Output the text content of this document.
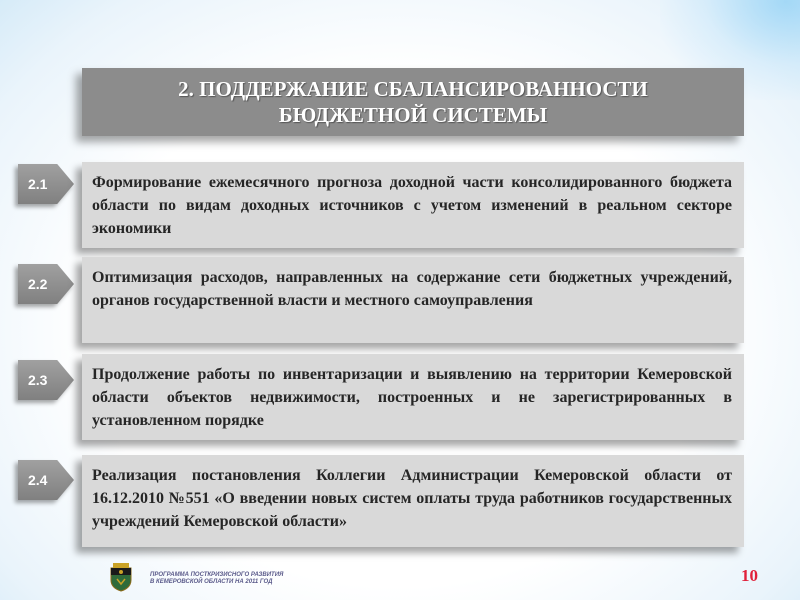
2. ПОДДЕРЖАНИЕ СБАЛАНСИРОВАННОСТИ БЮДЖЕТНОЙ СИСТЕМЫ
2.1	Формирование ежемесячного прогноза доходной части консолидированного бюджета области по видам доходных источников с учетом изменений в реальном секторе экономики
2.2	Оптимизация расходов, направленных на содержание сети бюджетных учреждений, органов государственной власти и местного самоуправления
2.3	Продолжение работы по инвентаризации и выявлению на территории Кемеровской области объектов недвижимости, построенных и не зарегистрированных в установленном порядке
2.4	Реализация постановления Коллегии Администрации Кемеровской области от 16.12.2010 №551 «О введении новых систем оплаты труда работников государственных учреждений Кемеровской области»
ПРОГРАММА ПОСТКРИЗИСНОГО РАЗВИТИЯ
В КЕМЕРОВСКОЙ ОБЛАСТИ НА 2011 ГОД	10
